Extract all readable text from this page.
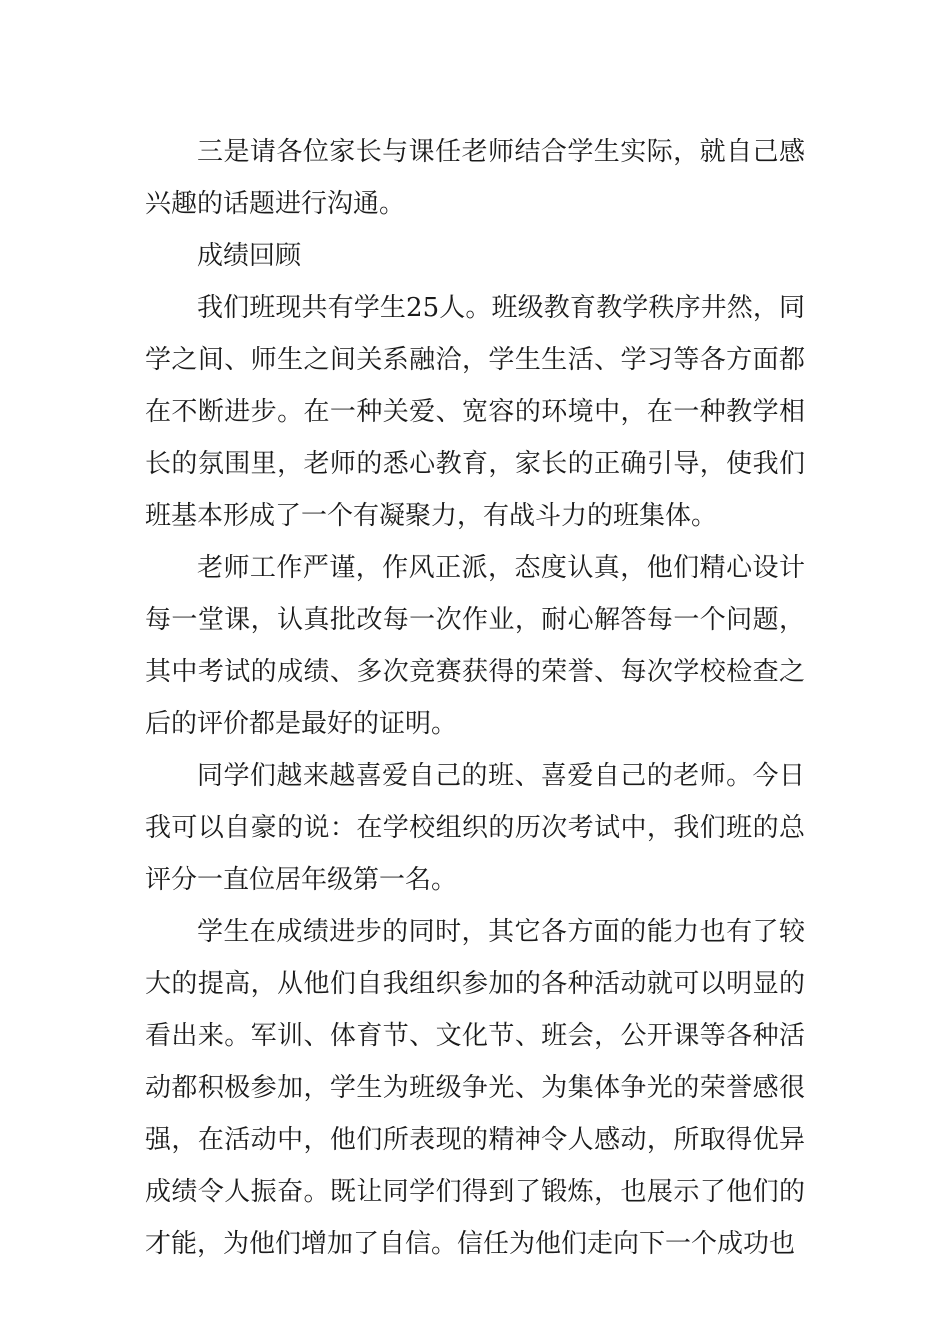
三是请各位家长与课任老师结合学生实际，就自己感兴趣的话题进行沟通。

成绩回顾

我们班现共有学生25人。班级教育教学秩序井然，同学之间、师生之间关系融洽，学生生活、学习等各方面都在不断进步。在一种关爱、宽容的环境中，在一种教学相长的氛围里，老师的悉心教育，家长的正确引导，使我们班基本形成了一个有凝聚力，有战斗力的班集体。

老师工作严谨，作风正派，态度认真，他们精心设计每一堂课，认真批改每一次作业，耐心解答每一个问题，其中考试的成绩、多次竞赛获得的荣誉、每次学校检查之后的评价都是最好的证明。

同学们越来越喜爱自己的班、喜爱自己的老师。今日我可以自豪的说：在学校组织的历次考试中，我们班的总评分一直位居年级第一名。

学生在成绩进步的同时，其它各方面的能力也有了较大的提高，从他们自我组织参加的各种活动就可以明显的看出来。军训、体育节、文化节、班会，公开课等各种活动都积极参加，学生为班级争光、为集体争光的荣誉感很强，在活动中，他们所表现的精神令人感动，所取得优异成绩令人振奋。既让同学们得到了锻炼，也展示了他们的才能，为他们增加了自信。信任为他们走向下一个成功也
